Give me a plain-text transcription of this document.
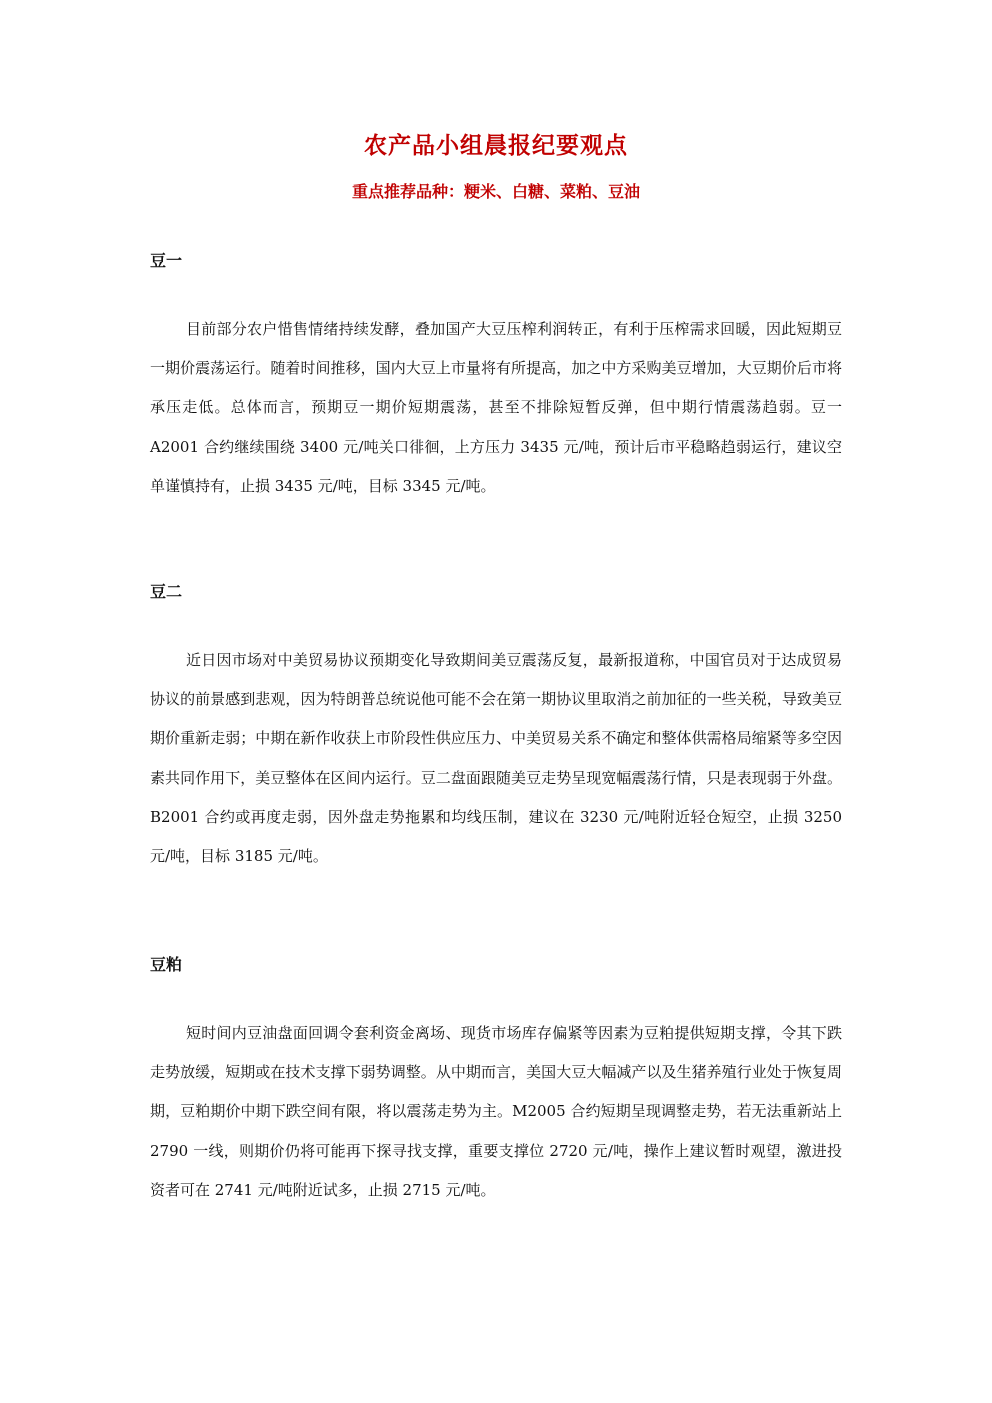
农产品小组晨报纪要观点
重点推荐品种：粳米、白糖、菜粕、豆油
豆一

目前部分农户惜售情绪持续发酵，叠加国产大豆压榨利润转正，有利于压榨需求回暖，因此短期豆一期价震荡运行。随着时间推移，国内大豆上市量将有所提高，加之中方采购美豆增加，大豆期价后市将承压走低。总体而言，预期豆一期价短期震荡，甚至不排除短暂反弹，但中期行情震荡趋弱。豆一 A2001 合约继续围绕 3400 元/吨关口徘徊，上方压力 3435 元/吨，预计后市平稳略趋弱运行，建议空单谨慎持有，止损 3435 元/吨，目标 3345 元/吨。

豆二

近日因市场对中美贸易协议预期变化导致期间美豆震荡反复，最新报道称，中国官员对于达成贸易协议的前景感到悲观，因为特朗普总统说他可能不会在第一期协议里取消之前加征的一些关税，导致美豆期价重新走弱；中期在新作收获上市阶段性供应压力、中美贸易关系不确定和整体供需格局缩紧等多空因素共同作用下，美豆整体在区间内运行。豆二盘面跟随美豆走势呈现宽幅震荡行情，只是表现弱于外盘。B2001 合约或再度走弱，因外盘走势拖累和均线压制，建议在 3230 元/吨附近轻仓短空，止损 3250 元/吨，目标 3185 元/吨。

豆粕

短时间内豆油盘面回调令套利资金离场、现货市场库存偏紧等因素为豆粕提供短期支撑，令其下跌走势放缓，短期或在技术支撑下弱势调整。从中期而言，美国大豆大幅减产以及生猪养殖行业处于恢复周期，豆粕期价中期下跌空间有限，将以震荡走势为主。M2005 合约短期呈现调整走势，若无法重新站上 2790 一线，则期价仍将可能再下探寻找支撑，重要支撑位 2720 元/吨，操作上建议暂时观望，激进投资者可在 2741 元/吨附近试多，止损 2715 元/吨。
